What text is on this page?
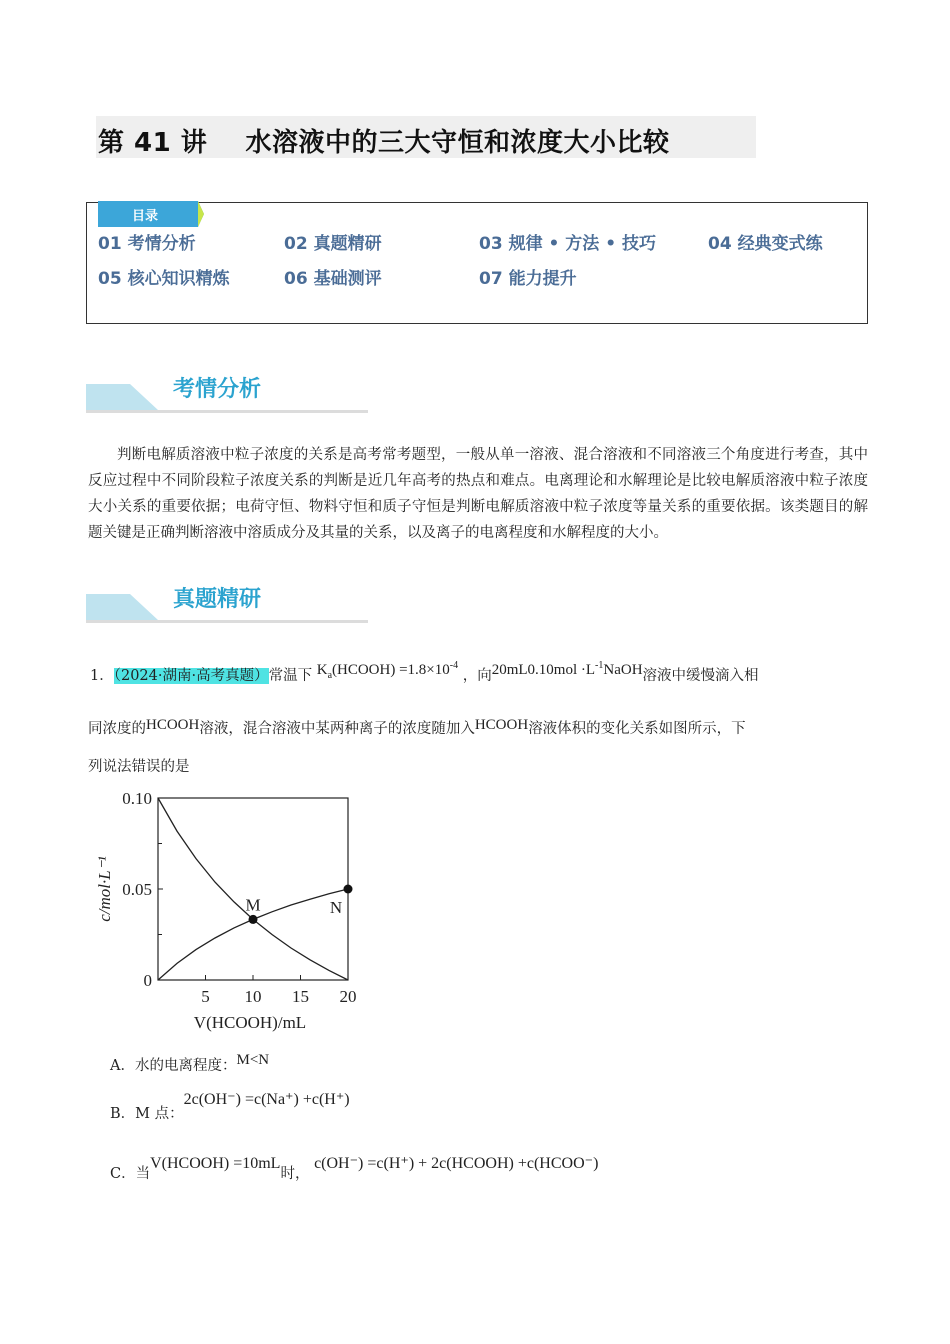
第 41 讲    水溶液中的三大守恒和浓度大小比较
目录
01 考情分析	02 真题精研	03 规律 • 方法 • 技巧	04 经典变式练
05 核心知识精炼	06 基础测评	07 能力提升
考情分析
判断电解质溶液中粒子浓度的关系是高考常考题型，一般从单一溶液、混合溶液和不同溶液三个角度进行考查，其中反应过程中不同阶段粒子浓度关系的判断是近几年高考的热点和难点。电离理论和水解理论是比较电解质溶液中粒子浓度大小关系的重要依据；电荷守恒、物料守恒和质子守恒是判断电解质溶液中粒子浓度等量关系的重要依据。该类题目的解题关键是正确判断溶液中溶质成分及其量的关系，以及离子的电离程度和水解程度的大小。
真题精研
1．（2024·湖南·高考真题）常温下 $K_a(HCOOH) =1.8\times 10^{-4}$ ，向$20mL0.10mol \cdot L^{-1}NaOH$溶液中缓慢滴入相
同浓度的HCOOH溶液，混合溶液中某两种离子的浓度随加入HCOOH溶液体积的变化关系如图所示，下
列说法错误的是
0
0.05
0.10
5 10 15 20
M	N
c/mol·L⁻¹
V(HCOOH)/mL
A．水的电离程度：M<N
B．M 点：2c(OH⁻) =c(Na⁺) +c(H⁺)
C．当V(HCOOH) =10mL时， c(OH⁻) =c(H⁺) + 2c(HCOOH) +c(HCOO⁻)
